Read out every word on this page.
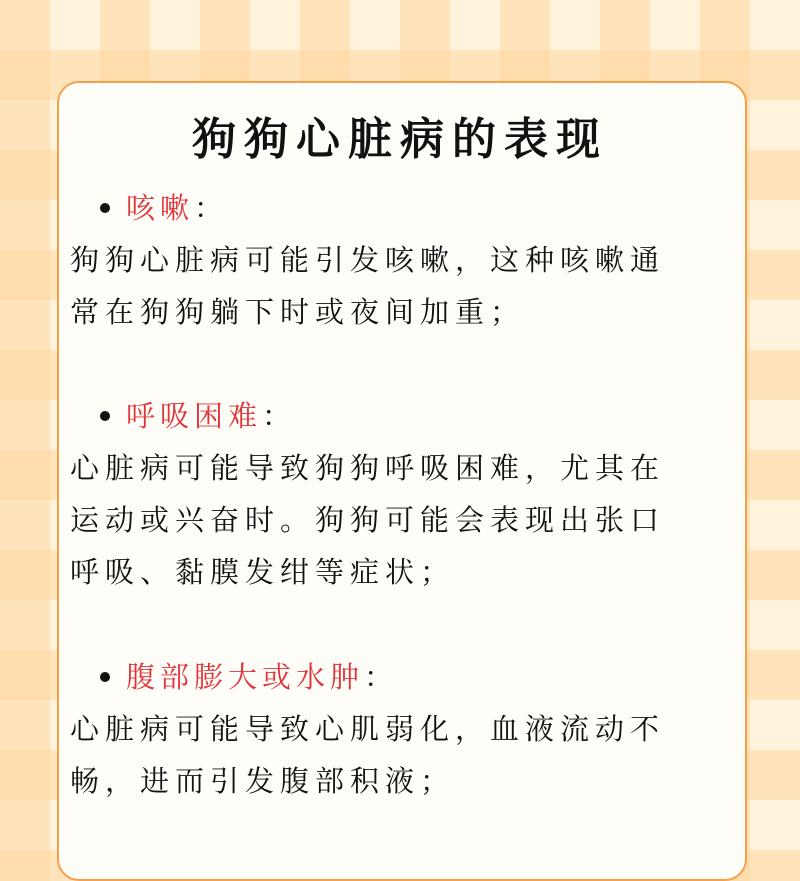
狗狗心脏病的表现
咳嗽：
狗狗心脏病可能引发咳嗽，这种咳嗽通
常在狗狗躺下时或夜间加重；
呼吸困难：
心脏病可能导致狗狗呼吸困难，尤其在
运动或兴奋时。狗狗可能会表现出张口
呼吸、黏膜发绀等症状；
腹部膨大或水肿：
心脏病可能导致心肌弱化，血液流动不
畅，进而引发腹部积液；
